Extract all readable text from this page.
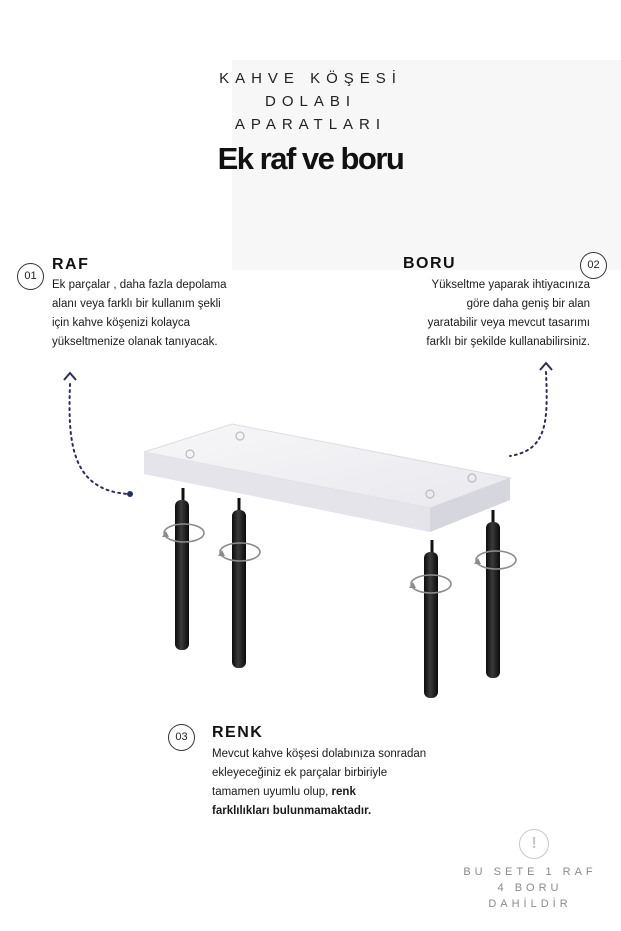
KAHVE KÖŞESİ
DOLABI
APARATLARI
Ek raf ve boru
01
RAF

Ek parçalar , daha fazla depolama
alanı veya farklı bir kullanım şekli
için kahve köşenizi kolayca
yükseltmenize olanak tanıyacak.

02
BORU

Yükseltme yaparak ihtiyacınıza
göre daha geniş bir alan
yaratabilir veya mevcut tasarımı
farklı bir şekilde kullanabilirsiniz.

03	RENK

Mevcut kahve köşesi dolabınıza sonradan
ekleyeceğiniz ek parçalar birbiriyle
tamamen uyumlu olup, renk
farklılıkları bulunmamaktadır.

!
BU SETE 1 RAF
4 BORU
DAHİLDİR
